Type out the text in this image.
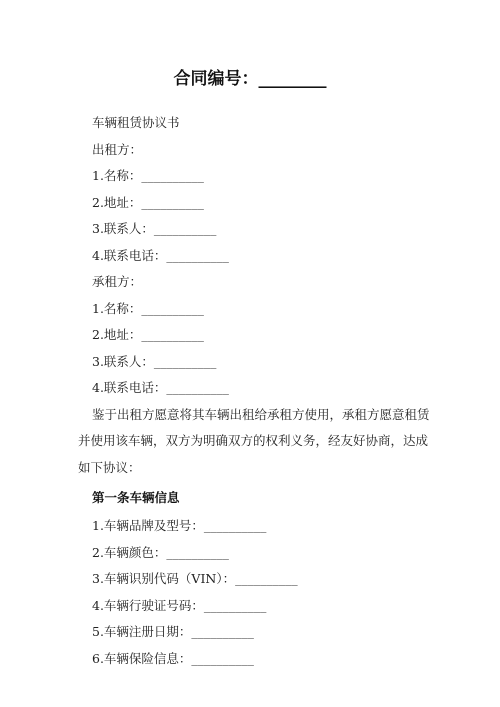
合同编号：________
车辆租赁协议书
出租方：
1.名称：__________
2.地址：__________
3.联系人：__________
4.联系电话：__________
承租方：
1.名称：__________
2.地址：__________
3.联系人：__________
4.联系电话：__________
鉴于出租方愿意将其车辆出租给承租方使用，承租方愿意租赁并使用该车辆，双方为明确双方的权利义务，经友好协商，达成如下协议：
第一条车辆信息
1.车辆品牌及型号：__________
2.车辆颜色：__________
3.车辆识别代码（VIN）：__________
4.车辆行驶证号码：__________
5.车辆注册日期：__________
6.车辆保险信息：__________
